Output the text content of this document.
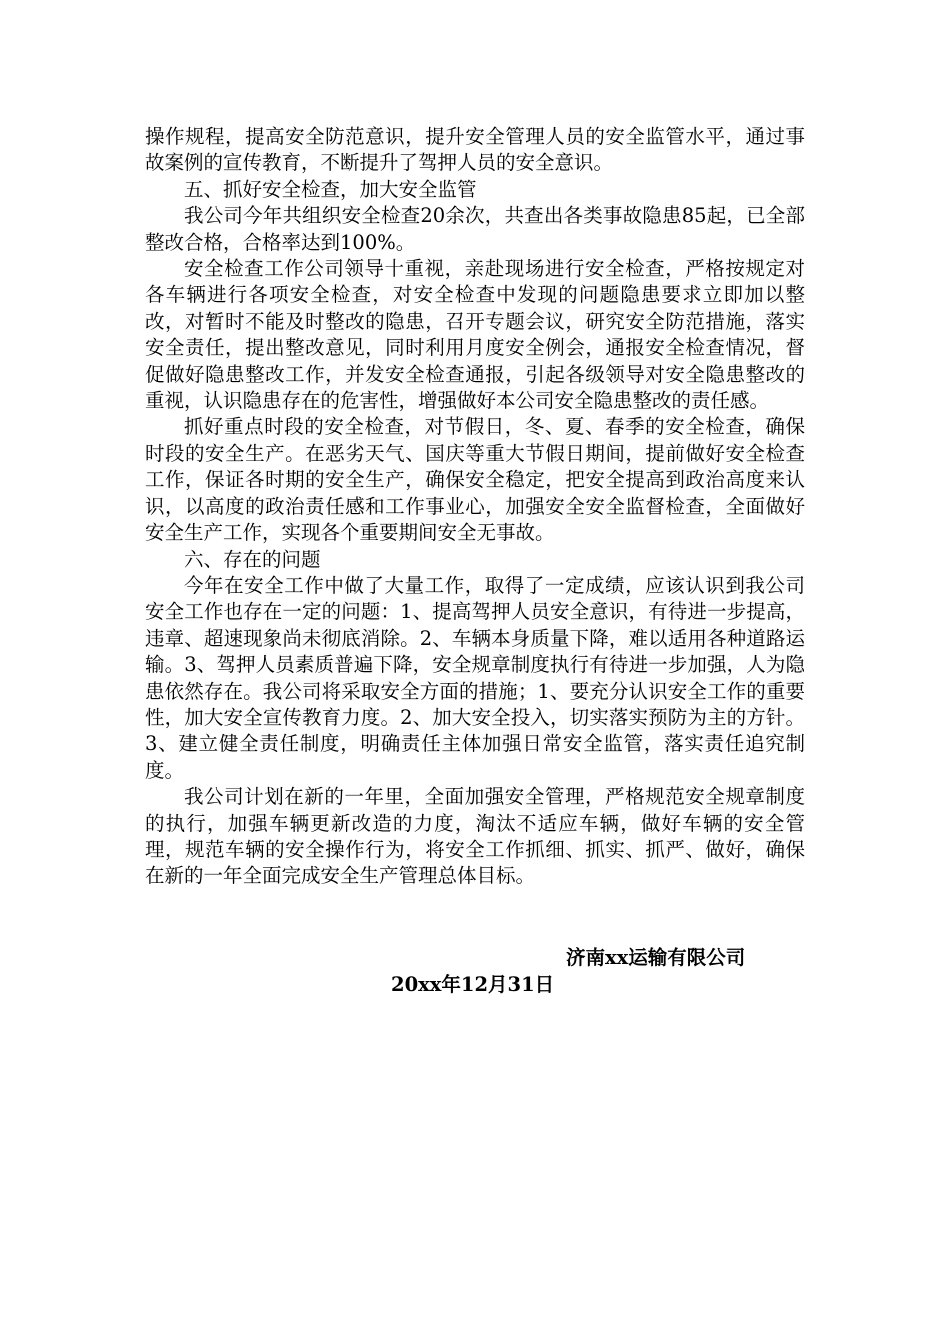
操作规程，提高安全防范意识，提升安全管理人员的安全监管水平，通过事故案例的宣传教育，不断提升了驾押人员的安全意识。

五、抓好安全检查，加大安全监管

我公司今年共组织安全检查20余次，共查出各类事故隐患85起，已全部整改合格，合格率达到100%。

安全检查工作公司领导十重视，亲赴现场进行安全检查，严格按规定对各车辆进行各项安全检查，对安全检查中发现的问题隐患要求立即加以整改，对暂时不能及时整改的隐患，召开专题会议，研究安全防范措施，落实安全责任，提出整改意见，同时利用月度安全例会，通报安全检查情况，督促做好隐患整改工作，并发安全检查通报，引起各级领导对安全隐患整改的重视，认识隐患存在的危害性，增强做好本公司安全隐患整改的责任感。

抓好重点时段的安全检查，对节假日，冬、夏、春季的安全检查，确保时段的安全生产。在恶劣天气、国庆等重大节假日期间，提前做好安全检查工作，保证各时期的安全生产，确保安全稳定，把安全提高到政治高度来认识，以高度的政治责任感和工作事业心，加强安全安全监督检查，全面做好安全生产工作，实现各个重要期间安全无事故。

六、存在的问题

今年在安全工作中做了大量工作，取得了一定成绩，应该认识到我公司安全工作也存在一定的问题：1、提高驾押人员安全意识，有待进一步提高，违章、超速现象尚未彻底消除。2、车辆本身质量下降，难以适用各种道路运输。3、驾押人员素质普遍下降，安全规章制度执行有待进一步加强，人为隐患依然存在。我公司将采取安全方面的措施；1、要充分认识安全工作的重要性，加大安全宣传教育力度。2、加大安全投入，切实落实预防为主的方针。3、建立健全责任制度，明确责任主体加强日常安全监管，落实责任追究制度。

我公司计划在新的一年里，全面加强安全管理，严格规范安全规章制度的执行，加强车辆更新改造的力度，淘汰不适应车辆，做好车辆的安全管理，规范车辆的安全操作行为，将安全工作抓细、抓实、抓严、做好，确保在新的一年全面完成安全生产管理总体目标。

济南xx运输有限公司
20xx年12月31日
